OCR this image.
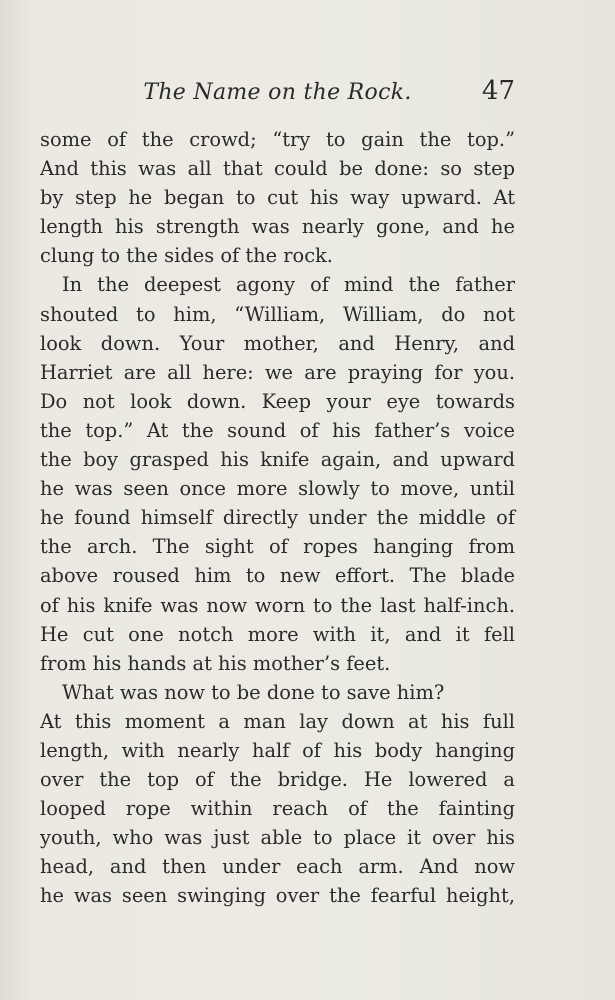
The Name on the Rock.	47
some of the crowd; “try to gain the top.”
And this was all that could be done: so step
by step he began to cut his way upward. At
length his strength was nearly gone, and he
clung to the sides of the rock.
In the deepest agony of mind the father
shouted to him, “William, William, do not
look down. Your mother, and Henry, and
Harriet are all here: we are praying for you.
Do not look down. Keep your eye towards
the top.” At the sound of his father’s voice
the boy grasped his knife again, and upward
he was seen once more slowly to move, until
he found himself directly under the middle of
the arch. The sight of ropes hanging from
above roused him to new effort. The blade
of his knife was now worn to the last half-inch.
He cut one notch more with it, and it fell
from his hands at his mother’s feet.
What was now to be done to save him?
At this moment a man lay down at his full
length, with nearly half of his body hanging
over the top of the bridge. He lowered a
looped rope within reach of the fainting
youth, who was just able to place it over his
head, and then under each arm. And now
he was seen swinging over the fearful height,
